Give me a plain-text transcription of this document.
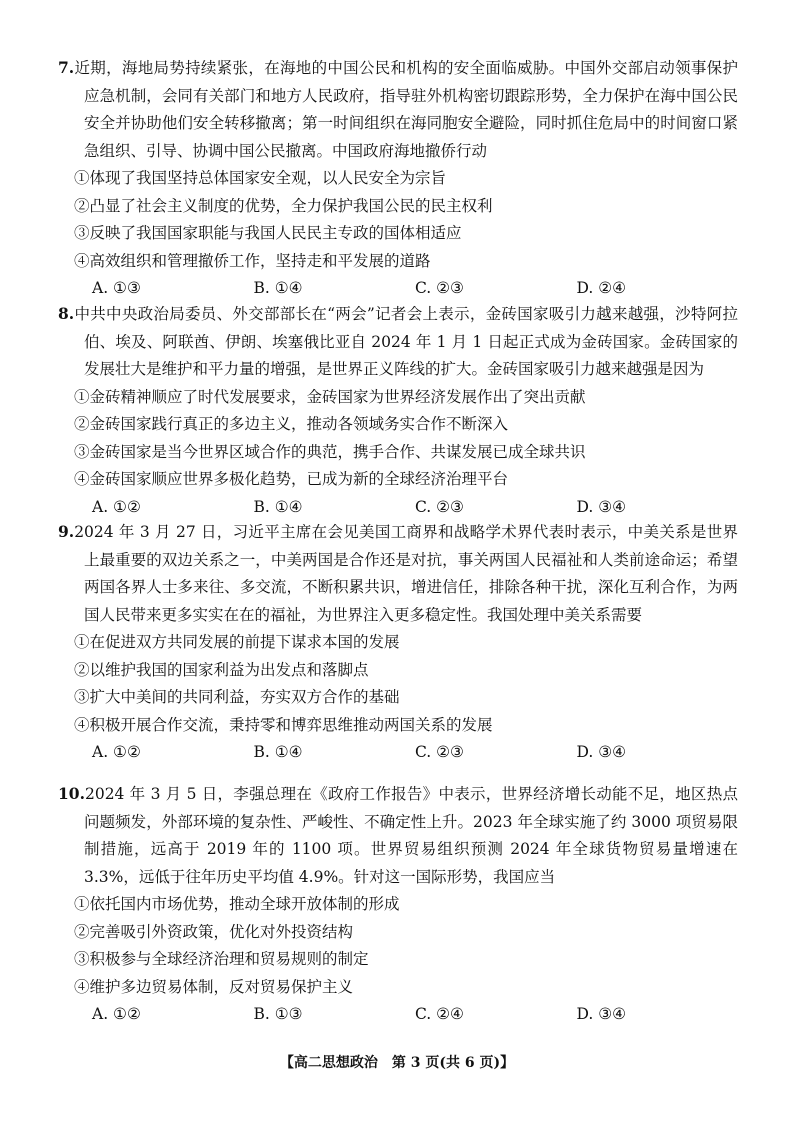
7.近期，海地局势持续紧张，在海地的中国公民和机构的安全面临威胁。中国外交部启动领事保护应急机制，会同有关部门和地方人民政府，指导驻外机构密切跟踪形势，全力保护在海中国公民安全并协助他们安全转移撤离；第一时间组织在海同胞安全避险，同时抓住危局中的时间窗口紧急组织、引导、协调中国公民撤离。中国政府海地撤侨行动

①体现了我国坚持总体国家安全观，以人民安全为宗旨

②凸显了社会主义制度的优势，全力保护我国公民的民主权利

③反映了我国国家职能与我国人民民主专政的国体相适应

④高效组织和管理撤侨工作，坚持走和平发展的道路

A. ①③	B. ①④	C. ②③	D. ②④

8.中共中央政治局委员、外交部部长在“两会”记者会上表示，金砖国家吸引力越来越强，沙特阿拉伯、埃及、阿联酋、伊朗、埃塞俄比亚自 2024 年 1 月 1 日起正式成为金砖国家。金砖国家的发展壮大是维护和平力量的增强，是世界正义阵线的扩大。金砖国家吸引力越来越强是因为

①金砖精神顺应了时代发展要求，金砖国家为世界经济发展作出了突出贡献

②金砖国家践行真正的多边主义，推动各领域务实合作不断深入

③金砖国家是当今世界区域合作的典范，携手合作、共谋发展已成全球共识

④金砖国家顺应世界多极化趋势，已成为新的全球经济治理平台

A. ①②	B. ①④	C. ②③	D. ③④

9.2024 年 3 月 27 日，习近平主席在会见美国工商界和战略学术界代表时表示，中美关系是世界上最重要的双边关系之一，中美两国是合作还是对抗，事关两国人民福祉和人类前途命运；希望两国各界人士多来往、多交流，不断积累共识，增进信任，排除各种干扰，深化互利合作，为两国人民带来更多实实在在的福祉，为世界注入更多稳定性。我国处理中美关系需要

①在促进双方共同发展的前提下谋求本国的发展

②以维护我国的国家利益为出发点和落脚点

③扩大中美间的共同利益，夯实双方合作的基础

④积极开展合作交流，秉持零和博弈思维推动两国关系的发展

A. ①②	B. ①④	C. ②③	D. ③④

10.2024 年 3 月 5 日，李强总理在《政府工作报告》中表示，世界经济增长动能不足，地区热点问题频发，外部环境的复杂性、严峻性、不确定性上升。2023 年全球实施了约 3000 项贸易限制措施，远高于 2019 年的 1100 项。世界贸易组织预测 2024 年全球货物贸易量增速在 3.3%，远低于往年历史平均值 4.9%。针对这一国际形势，我国应当

①依托国内市场优势，推动全球开放体制的形成

②完善吸引外资政策，优化对外投资结构

③积极参与全球经济治理和贸易规则的制定

④维护多边贸易体制，反对贸易保护主义

A. ①②	B. ①③	C. ②④	D. ③④
【高二思想政治　第 3 页(共 6 页)】
